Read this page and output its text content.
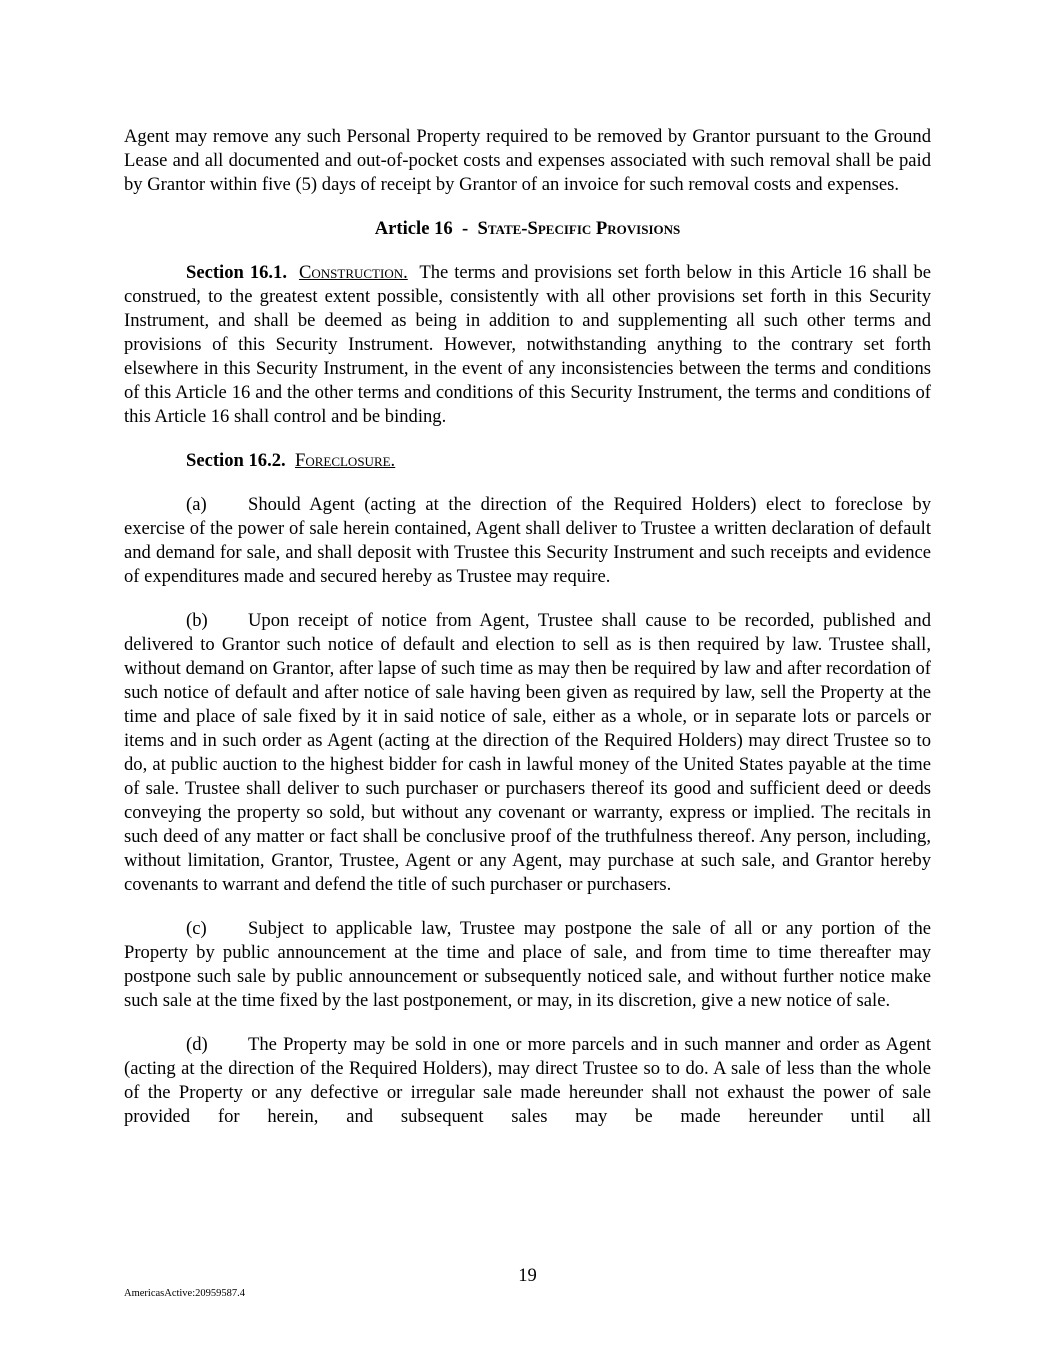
Agent may remove any such Personal Property required to be removed by Grantor pursuant to the Ground Lease and all documented and out-of-pocket costs and expenses associated with such removal shall be paid by Grantor within five (5) days of receipt by Grantor of an invoice for such removal costs and expenses.

Article 16 - State-Specific Provisions

Section 16.1. Construction. The terms and provisions set forth below in this Article 16 shall be construed, to the greatest extent possible, consistently with all other provisions set forth in this Security Instrument, and shall be deemed as being in addition to and supplementing all such other terms and provisions of this Security Instrument. However, notwithstanding anything to the contrary set forth elsewhere in this Security Instrument, in the event of any inconsistencies between the terms and conditions of this Article 16 and the other terms and conditions of this Security Instrument, the terms and conditions of this Article 16 shall control and be binding.

Section 16.2. Foreclosure.

(a) Should Agent (acting at the direction of the Required Holders) elect to foreclose by exercise of the power of sale herein contained, Agent shall deliver to Trustee a written declaration of default and demand for sale, and shall deposit with Trustee this Security Instrument and such receipts and evidence of expenditures made and secured hereby as Trustee may require.

(b) Upon receipt of notice from Agent, Trustee shall cause to be recorded, published and delivered to Grantor such notice of default and election to sell as is then required by law. Trustee shall, without demand on Grantor, after lapse of such time as may then be required by law and after recordation of such notice of default and after notice of sale having been given as required by law, sell the Property at the time and place of sale fixed by it in said notice of sale, either as a whole, or in separate lots or parcels or items and in such order as Agent (acting at the direction of the Required Holders) may direct Trustee so to do, at public auction to the highest bidder for cash in lawful money of the United States payable at the time of sale. Trustee shall deliver to such purchaser or purchasers thereof its good and sufficient deed or deeds conveying the property so sold, but without any covenant or warranty, express or implied. The recitals in such deed of any matter or fact shall be conclusive proof of the truthfulness thereof. Any person, including, without limitation, Grantor, Trustee, Agent or any Agent, may purchase at such sale, and Grantor hereby covenants to warrant and defend the title of such purchaser or purchasers.

(c) Subject to applicable law, Trustee may postpone the sale of all or any portion of the Property by public announcement at the time and place of sale, and from time to time thereafter may postpone such sale by public announcement or subsequently noticed sale, and without further notice make such sale at the time fixed by the last postponement, or may, in its discretion, give a new notice of sale.

(d) The Property may be sold in one or more parcels and in such manner and order as Agent (acting at the direction of the Required Holders), may direct Trustee so to do. A sale of less than the whole of the Property or any defective or irregular sale made hereunder shall not exhaust the power of sale provided for herein, and subsequent sales may be made hereunder until all

19
AmericasActive:20959587.4
